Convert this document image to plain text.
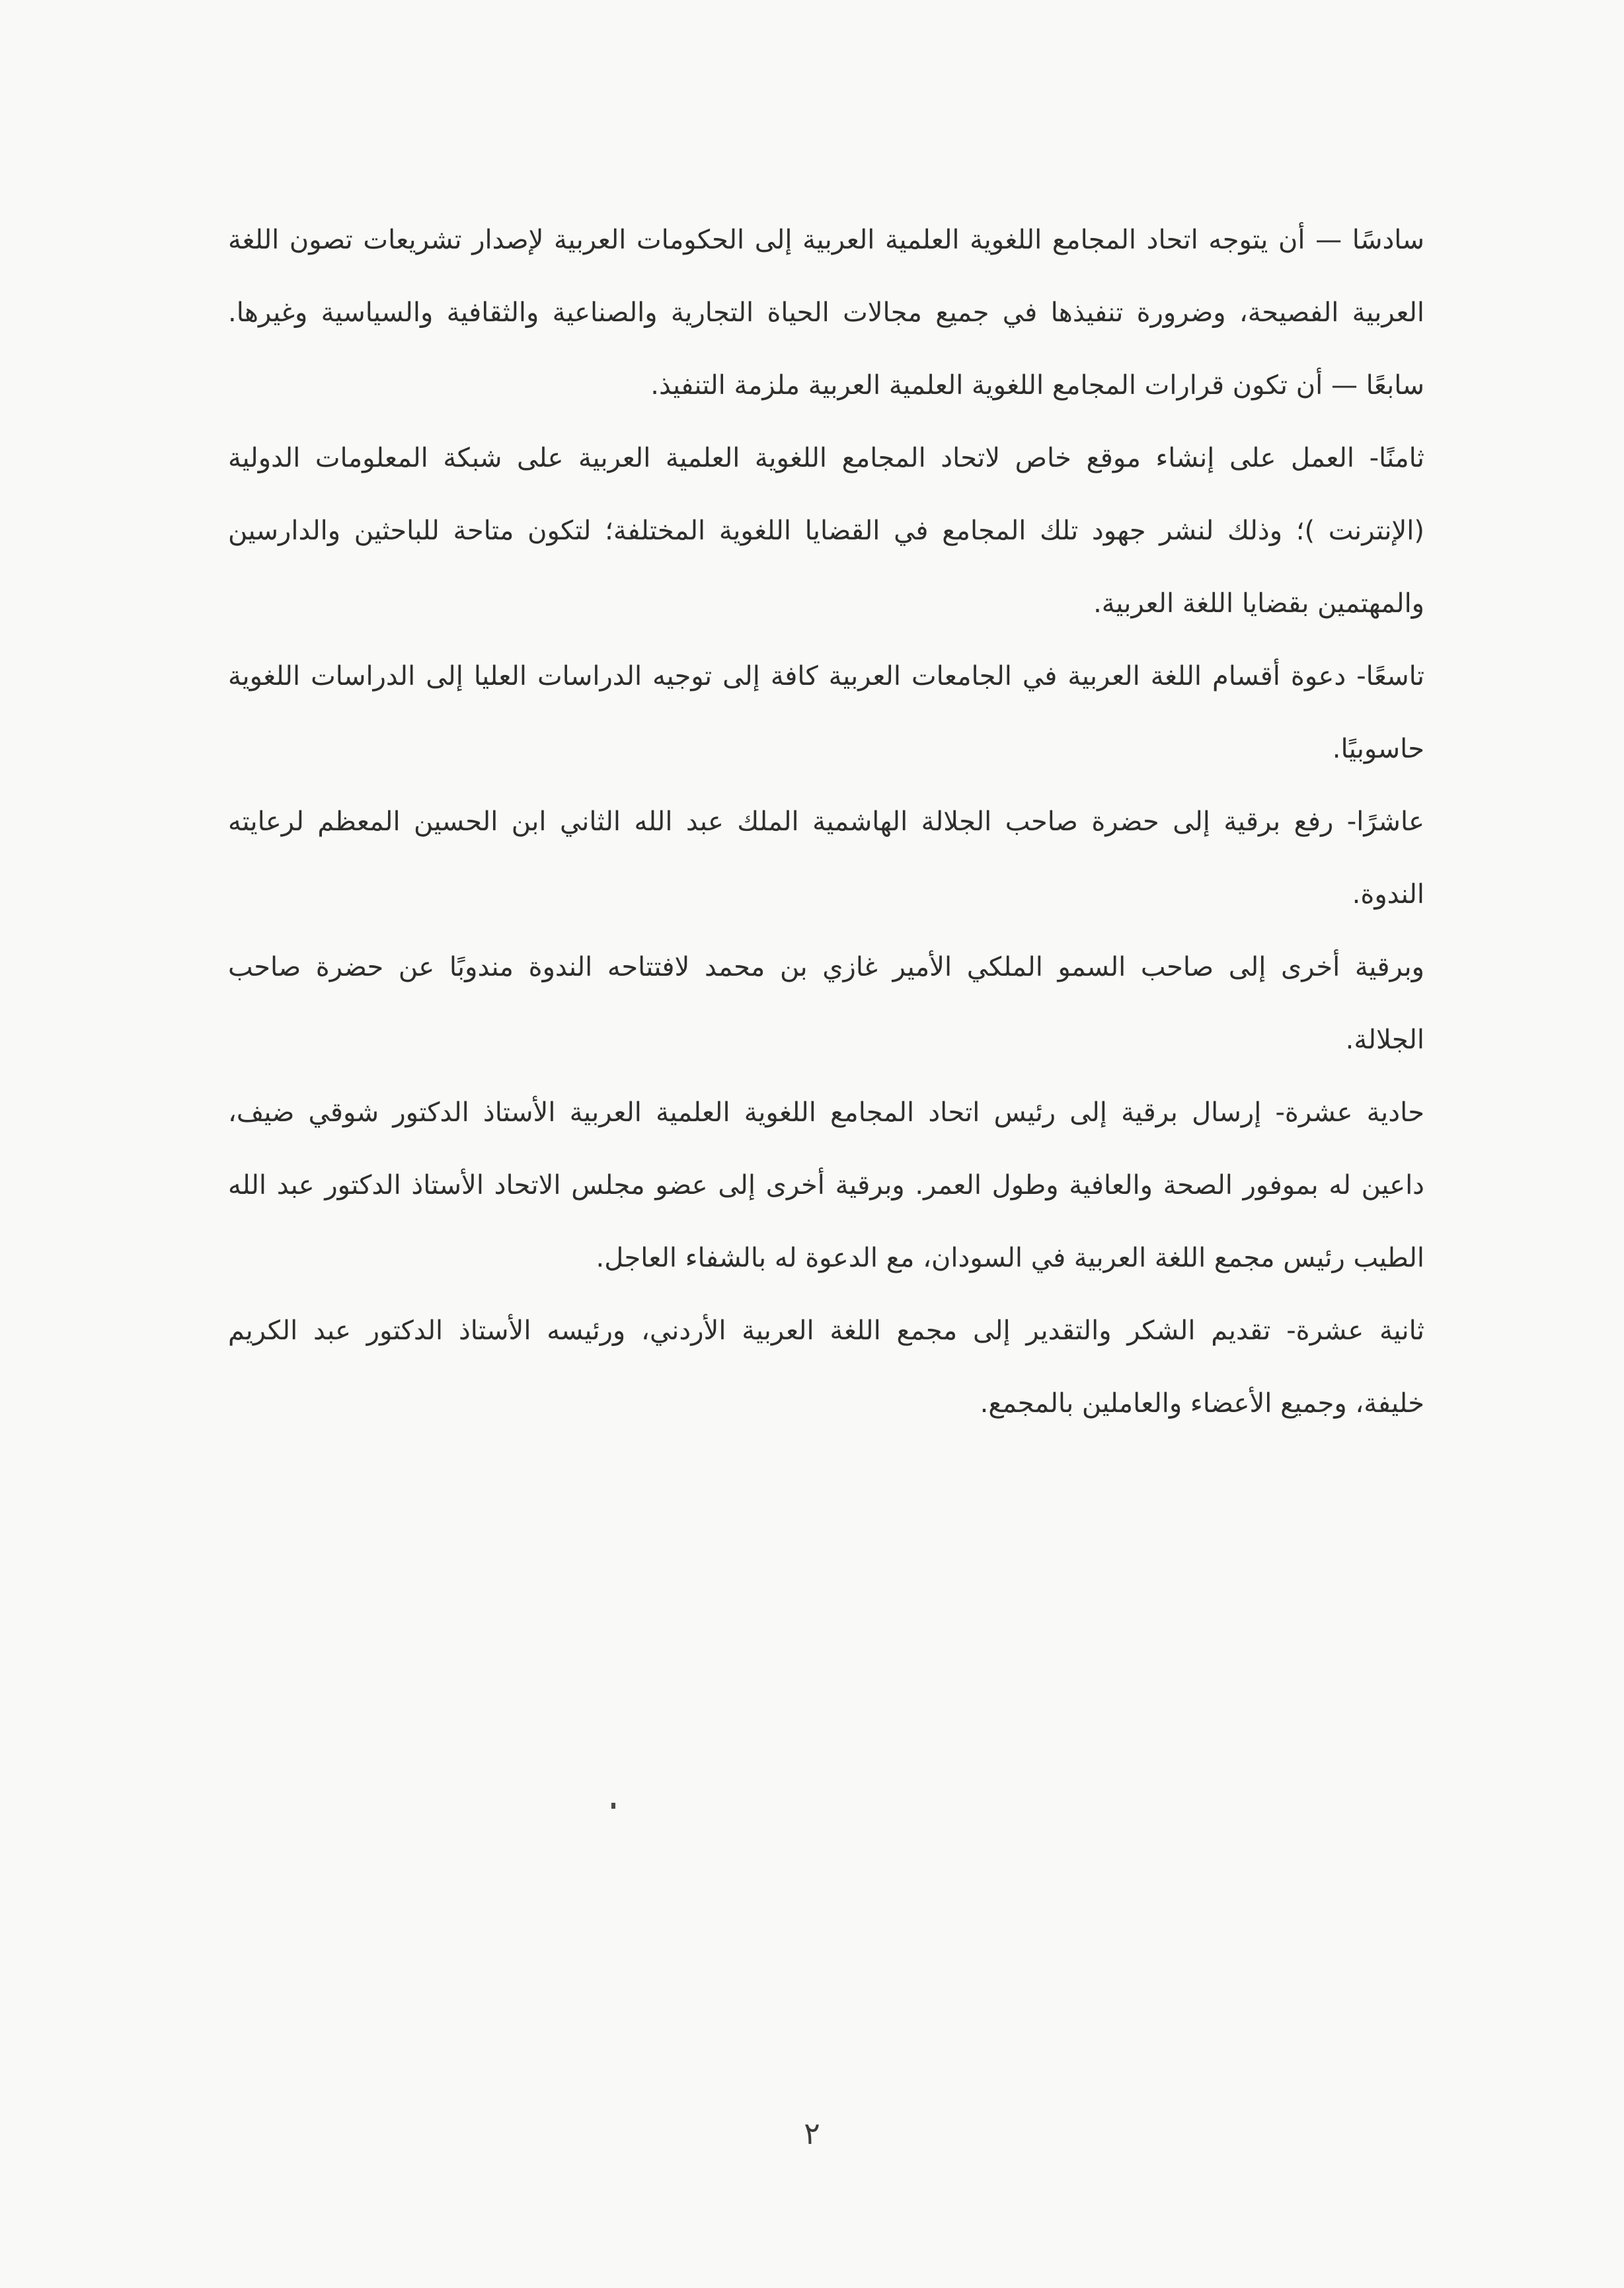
سادسًا — أن يتوجه اتحاد المجامع اللغوية العلمية العربية إلى الحكومات العربية لإصدار تشريعات تصون اللغة
العربية الفصيحة، وضرورة تنفيذها في جميع مجالات الحياة التجارية والصناعية والثقافية والسياسية وغيرها.
سابعًا — أن تكون قرارات المجامع اللغوية العلمية العربية ملزمة التنفيذ.
ثامنًا- العمل على إنشاء موقع خاص لاتحاد المجامع اللغوية العلمية العربية على شبكة المعلومات الدولية
(الإنترنت )؛ وذلك لنشر جهود تلك المجامع في القضايا اللغوية المختلفة؛ لتكون متاحة للباحثين والدارسين
والمهتمين بقضايا اللغة العربية.
تاسعًا- دعوة أقسام اللغة العربية في الجامعات العربية كافة إلى توجيه الدراسات العليا إلى الدراسات اللغوية
حاسوبيًا.
عاشرًا- رفع برقية إلى حضرة صاحب الجلالة الهاشمية الملك عبد الله الثاني ابن الحسين المعظم لرعايته الندوة.
وبرقية أخرى إلى صاحب السمو الملكي الأمير غازي بن محمد لافتتاحه الندوة مندوبًا عن حضرة صاحب
الجلالة.
حادية عشرة- إرسال برقية إلى رئيس اتحاد المجامع اللغوية العلمية العربية الأستاذ الدكتور شوقي ضيف،
داعين له بموفور الصحة والعافية وطول العمر. وبرقية أخرى إلى عضو مجلس الاتحاد الأستاذ الدكتور عبد الله
الطيب رئيس مجمع اللغة العربية في السودان، مع الدعوة له بالشفاء العاجل.
ثانية عشرة- تقديم الشكر والتقدير إلى مجمع اللغة العربية الأردني، ورئيسه الأستاذ الدكتور عبد الكريم
خليفة، وجميع الأعضاء والعاملين بالمجمع.
٢
